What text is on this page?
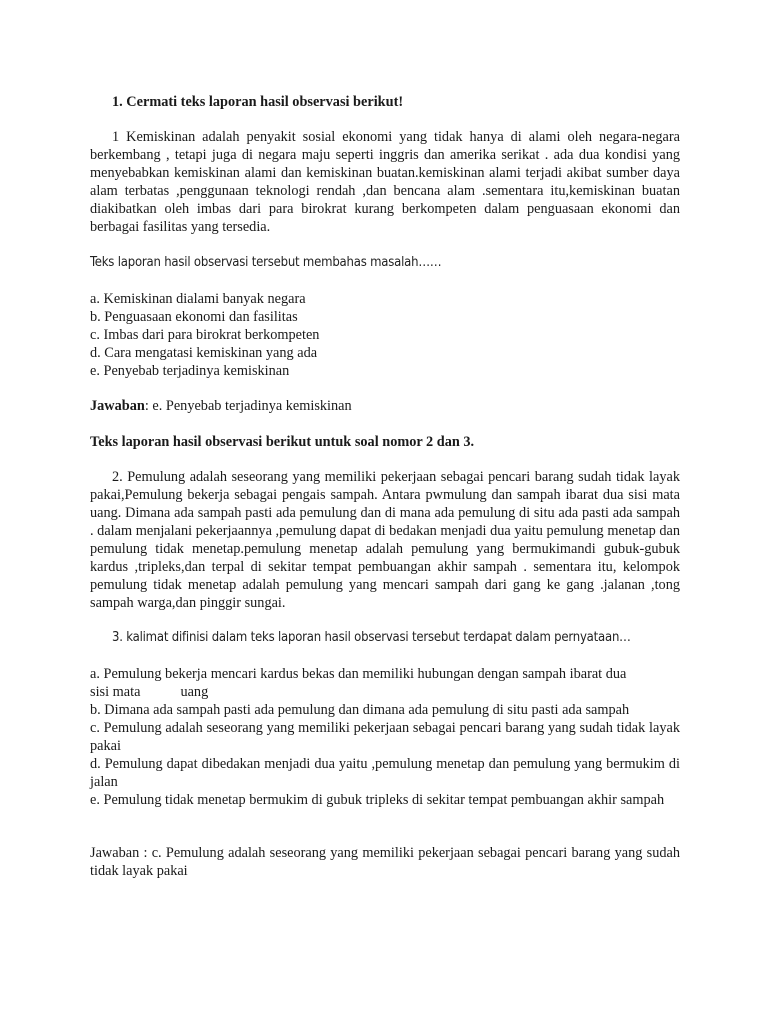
1. Cermati teks laporan hasil observasi berikut!
1 Kemiskinan adalah penyakit sosial ekonomi yang tidak hanya di alami oleh negara-negara berkembang , tetapi juga di negara maju seperti inggris dan amerika serikat . ada dua kondisi yang menyebabkan kemiskinan alami dan kemiskinan buatan.kemiskinan alami terjadi akibat sumber daya alam terbatas ,penggunaan teknologi rendah ,dan bencana alam .sementara itu,kemiskinan buatan diakibatkan oleh imbas dari para birokrat kurang berkompeten dalam penguasaan ekonomi dan berbagai fasilitas yang tersedia.
Teks laporan hasil observasi tersebut membahas masalah……
a. Kemiskinan dialami banyak negara
b. Penguasaan ekonomi dan fasilitas
c. Imbas dari para birokrat berkompeten
d. Cara mengatasi kemiskinan yang ada
e. Penyebab terjadinya kemiskinan
Jawaban: e. Penyebab terjadinya kemiskinan
Teks laporan hasil observasi berikut untuk soal nomor 2 dan 3.
2. Pemulung adalah seseorang yang memiliki pekerjaan sebagai pencari barang sudah tidak layak pakai,Pemulung bekerja sebagai pengais sampah. Antara pwmulung dan sampah ibarat dua sisi mata uang. Dimana ada sampah pasti ada pemulung dan di mana ada pemulung di situ ada pasti ada sampah . dalam menjalani pekerjaannya ,pemulung dapat di bedakan menjadi dua yaitu pemulung menetap dan pemulung tidak menetap.pemulung menetap adalah pemulung yang bermukimandi gubuk-gubuk kardus ,tripleks,dan terpal di sekitar tempat pembuangan akhir sampah . sementara itu, kelompok pemulung tidak menetap adalah pemulung yang mencari sampah dari gang ke gang .jalanan ,tong sampah warga,dan pinggir sungai.
3. kalimat difinisi dalam teks laporan hasil observasi tersebut terdapat dalam pernyataan…
a. Pemulung bekerja mencari kardus bekas dan memiliki hubungan dengan sampah ibarat dua
sisi mata	uang
b. Dimana ada sampah pasti ada pemulung dan dimana ada pemulung di situ pasti ada sampah
c. Pemulung adalah seseorang yang memiliki pekerjaan sebagai pencari barang yang sudah tidak layak pakai
d. Pemulung dapat dibedakan menjadi dua yaitu ,pemulung menetap dan pemulung yang bermukim di jalan
e. Pemulung tidak menetap bermukim di gubuk tripleks di sekitar tempat pembuangan akhir sampah
Jawaban : c. Pemulung adalah seseorang yang memiliki pekerjaan sebagai pencari barang yang sudah tidak layak pakai
